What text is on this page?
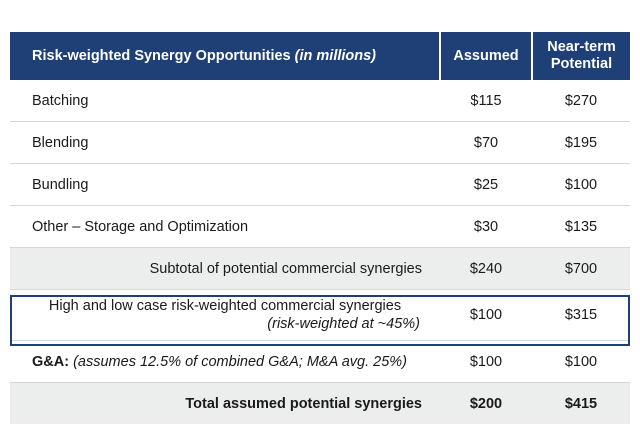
Risk-weighted Synergy Opportunities (in millions)	Assumed	Near-term
Potential

Batching	$115	$270
Blending	$70	$195
Bundling	$25	$100
Other – Storage and Optimization	$30	$135
Subtotal of potential commercial synergies	$240	$700
High and low case risk-weighted commercial synergies
(risk-weighted at ~45%)	$100	$315
G&A: (assumes 12.5% of combined G&A; M&A avg. 25%)	$100	$100
Total assumed potential synergies	$200	$415
